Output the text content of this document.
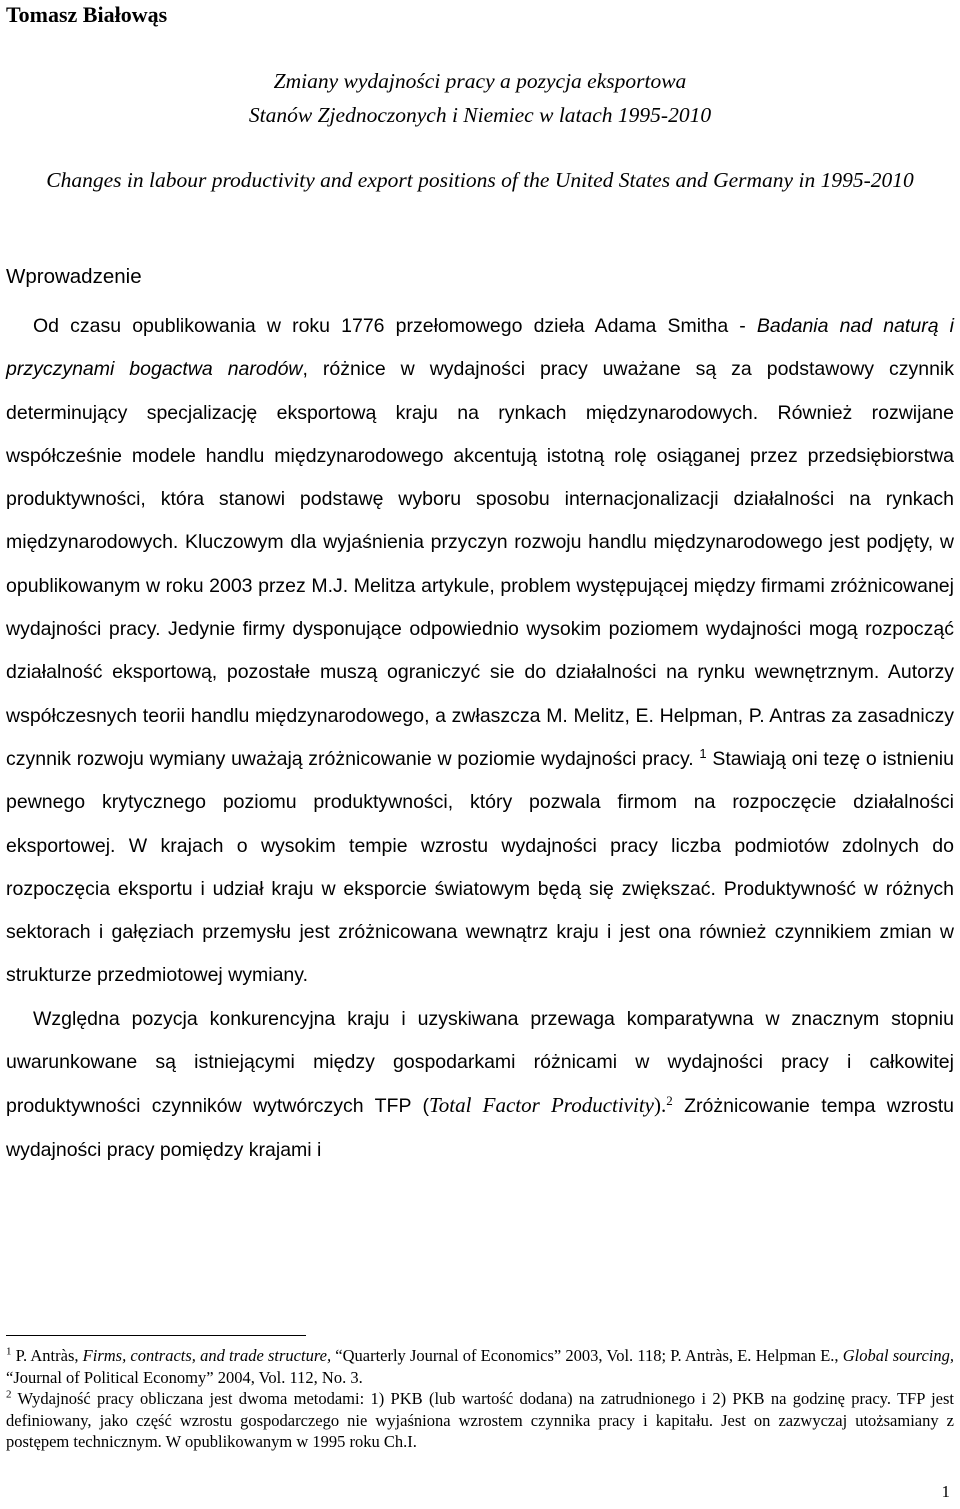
Tomasz Białowąs
Zmiany wydajności pracy a pozycja eksportowa
Stanów Zjednoczonych i Niemiec w latach 1995-2010
Changes in labour productivity and export positions of the United States and Germany in 1995-2010
Wprowadzenie

Od czasu opublikowania w roku 1776 przełomowego dzieła Adama Smitha - Badania nad naturą i przyczynami bogactwa narodów, różnice w wydajności pracy uważane są za podstawowy czynnik determinujący specjalizację eksportową kraju na rynkach międzynarodowych. Również rozwijane współcześnie modele handlu międzynarodowego akcentują istotną rolę osiąganej przez przedsiębiorstwa produktywności, która stanowi podstawę wyboru sposobu internacjonalizacji działalności na rynkach międzynarodowych. Kluczowym dla wyjaśnienia przyczyn rozwoju handlu międzynarodowego jest podjęty, w opublikowanym w roku 2003 przez M.J. Melitza artykule, problem występującej między firmami zróżnicowanej wydajności pracy. Jedynie firmy dysponujące odpowiednio wysokim poziomem wydajności mogą rozpocząć działalność eksportową, pozostałe muszą ograniczyć sie do działalności na rynku wewnętrznym. Autorzy współczesnych teorii handlu międzynarodowego, a zwłaszcza M. Melitz, E. Helpman, P. Antras za zasadniczy czynnik rozwoju wymiany uważają zróżnicowanie w poziomie wydajności pracy. $^1$ Stawiają oni tezę o istnieniu pewnego krytycznego poziomu produktywności, który pozwala firmom na rozpoczęcie działalności eksportowej. W krajach o wysokim tempie wzrostu wydajności pracy liczba podmiotów zdolnych do rozpoczęcia eksportu i udział kraju w eksporcie światowym będą się zwiększać. Produktywność w różnych sektorach i gałęziach przemysłu jest zróżnicowana wewnątrz kraju i jest ona również czynnikiem zmian w strukturze przedmiotowej wymiany.

Względna pozycja konkurencyjna kraju i uzyskiwana przewaga komparatywna w znacznym stopniu uwarunkowane są istniejącymi między gospodarkami różnicami w wydajności pracy i całkowitej produktywności czynników wytwórczych TFP (Total Factor Productivity).$^2$ Zróżnicowanie tempa wzrostu wydajności pracy pomiędzy krajami i

$^1$ P. Antràs, Firms, contracts, and trade structure, “Quarterly Journal of Economics” 2003, Vol. 118; P. Antràs, E. Helpman E., Global sourcing, “Journal of Political Economy” 2004, Vol. 112, No. 3.

$^2$ Wydajność pracy obliczana jest dwoma metodami: 1) PKB (lub wartość dodana) na zatrudnionego i 2) PKB na godzinę pracy. TFP jest definiowany, jako część wzrostu gospodarczego nie wyjaśniona wzrostem czynnika pracy i kapitału. Jest on zazwyczaj utożsamiany z postępem technicznym. W opublikowanym w 1995 roku Ch.I.

1
